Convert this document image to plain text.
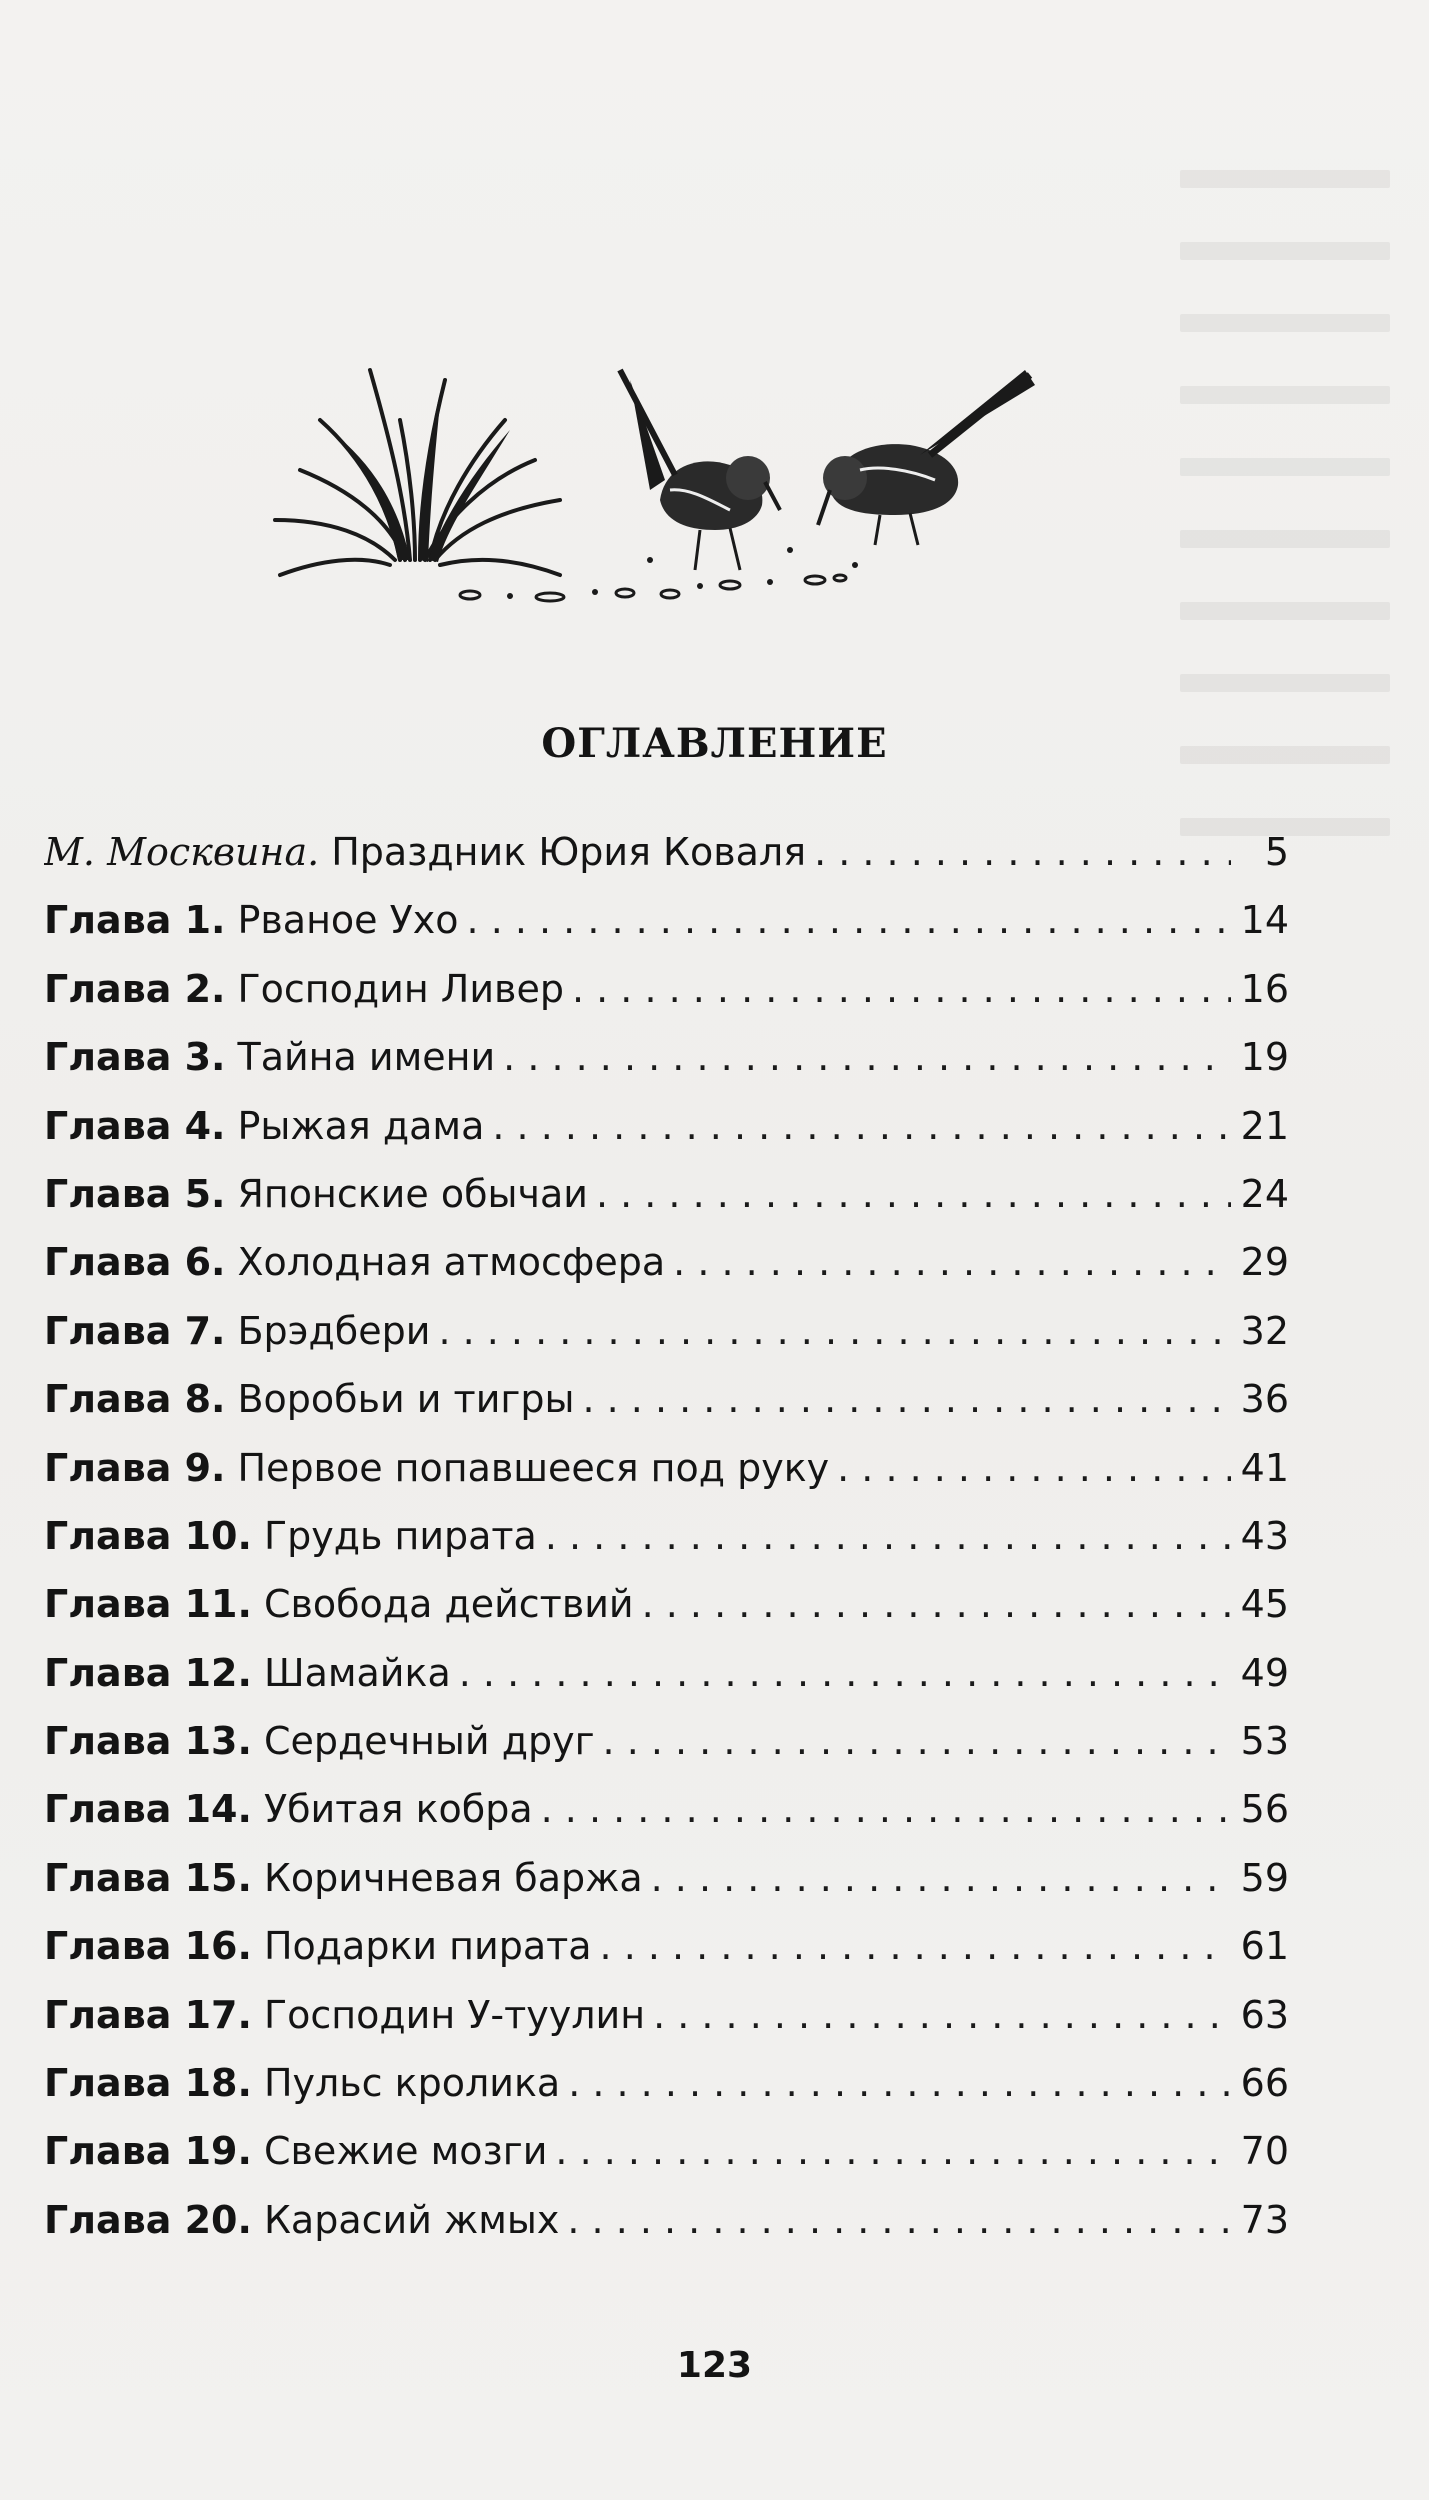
ОГЛАВЛЕНИЕ
М. Москвина. Праздник Юрия Коваля . . .	5
Глава 1. Рваное Ухо . . .	14
Глава 2. Господин Ливер . . .	16
Глава 3. Тайна имени . . .	19
Глава 4. Рыжая дама . . .	21
Глава 5. Японские обычаи . . .	24
Глава 6. Холодная атмосфера . . .	29
Глава 7. Брэдбери . . .	32
Глава 8. Воробьи и тигры . . .	36
Глава 9. Первое попавшееся под руку . . .	41
Глава 10. Грудь пирата . . .	43
Глава 11. Свобода действий . . .	45
Глава 12. Шамайка . . .	49
Глава 13. Сердечный друг . . .	53
Глава 14. Убитая кобра . . .	56
Глава 15. Коричневая баржа . . .	59
Глава 16. Подарки пирата . . .	61
Глава 17. Господин У-туулин . . .	63
Глава 18. Пульс кролика . . .	66
Глава 19. Свежие мозги . . .	70
Глава 20. Карасий жмых . . .	73
123
